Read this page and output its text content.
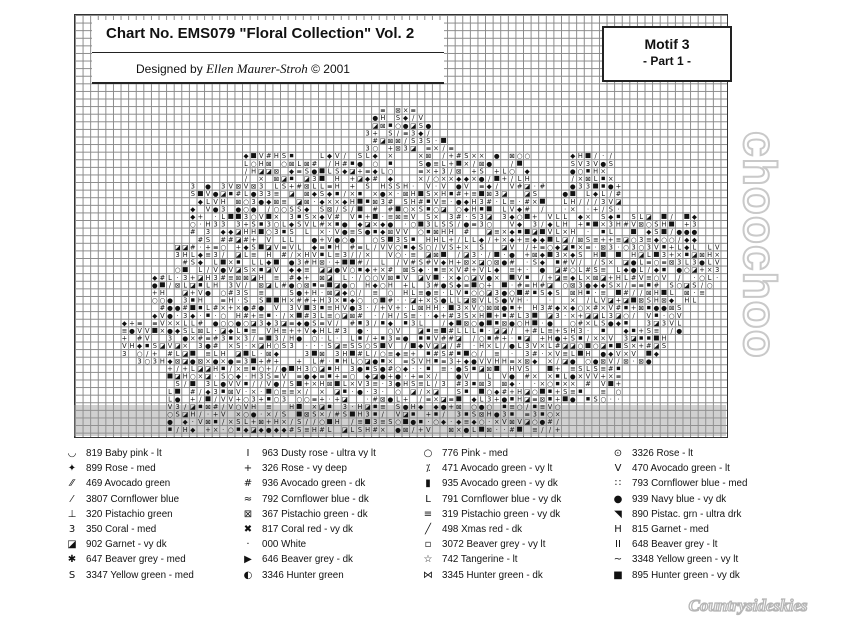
≡ ⊠ × ≡
● H S ◆ / V
◪ ⊠ ○ ● ◪ S ●
3 + S / ≡ 3 ◆ /
# ◪ ⊠ ⊠ / S 3 S ·
3 ○ + ⊠ 3 ◪ ≡ × / ≡
◆ V # H S	L ◆ V / S L ◆ ×	× ⊠ / + # S × × ● ⊠ ○ ○	◆ H / · /
L ○ H ⊠ ○ ⊠ L ⊠ # / H # ● ○	S ● ≡ L + × / ⊠ ●	/	S V 3 V ● S
/ H ◪ ◪ ⊠ ◆ ≡ S ● L S ◆ ◪ + ≡ ◆ L ○	≡ × + 3 / ⊠ + S + L ○ ◆	● ○ H ×
/ × ⊠ ◪	◪ 3	H + ◪ ◆ # ◆	× / ○ × × ◆ ◆ × ● / + / L H	/ × ⊠ L ×
3 ● 3 V ⊠ V ⊠ 3 L S + # ⊠ L L ≡ H + S H S S H · V · V ● V ≡ ◆ / V # ◪ · #	● 3 3	● +
S V ● ◪ # L ● 3 3 ≡ ◪ ⊠ ◆ S ◆ / ×	× ● × · ⊠ H S × H # + ≡ ⊠ 3 ◪	◪ S	●	L ◆ L / #
◆ L V H ⊠ ○ 3 ● ◆ ⊠ ≡ ◪ ⊠ · ◆ × × ◆ H	⊠ 3 # S H # V ≡ · ● ◆ H 3 # · L ≡ · # ×	L H / / / 3 V ◪
◆ V ● 3 ● ○ ● / ○ ○ S S ◆ S ⊠ / S /	# # ○ × S ○ ◪ ○ ◆ H	L V ◆ # /	· × · + / S ·
◆ + · L	3 ○ V × 3 S × ◆ V # V + · ≡ ⊠ ≡ V S × 3 # · S 3 ◪ 3 ◆ ○ + V L L ◆ × S ◆	S L ◪	/	◆
○ · H 3 3 3 + S 3 ○ L ◆ S V L # × ● ◆ ◪ × ◆ ● · ○ 3 L S S / ● ≡ 3 ○	V ◆ 3 / ◆ L H +	× 3 H # V ⊠ ○ S H	+ 3
# 3 ◆ ◆ ◪ H H ○ 3 S L × · V ● ≡ S ● ◆ ⊠ V V ○ ⊠ H H #	◪ ≡ × ◆	◪ V L × H ·	L	◆ S / ● ● ●
# S # # ◪ # + V L L	● + V ● ○ ●	○ S 3 S	H H L + / L L ◆ / + × ◆ + ≡ ◆ ◆ L ◪ / ⊠ S ≡ + + ≡ ◪ ○ 3 ≡ ◆ ○ ○ / ◆ ◆
◪ ◪ # · + ≡ ○ + ◆ S ◪ V ≡ V L ◆ ≡ H # ≡ L / V V ○ ◆ S ○ / V S + × S	◪ V / + ≡ ○ ◆ ◪ × ≡ · ⊠ 3 · ○ 3 ○ 3 V + L ◆ L L V
3 H L ◆ ≡ 3 / ◪ L ≡ H # / × H V L ≡ 3 / / ×	V ○ · ≡ ◪ ⊠	/ ◪ 3 · / · ● + ⊠ ◆ 3 × ◆ S H	H ◪ L 3 + × ◪ ⊠ H ×
# S ◆ L ×	L L ◆	● 3 # H ⊠ · +	# / L / V # S # V ◆ H + ⊠ × ◪ ○ ⊠ ● # · S ◆	# V / / S × ◪ ● L ≡ ○ ≡ ⊠ 3 L 3 ● L V
○	L / V ● V ◪ S × ◪ V ◆ ◆ ≡ ◪ ◪ ● V ○ ◆ + × # ⊠ S ◆ · ≡ × V # + V L ◆ ≡ + · ● ◪ # ○ L # S ≡ L ◆ ● L / ◆	● ○ ◪ + × 3
◆ # L · 3 + ◪ H 3 # ≡ ⊠ ⊠ ◪ H ≡ # ◆ + ⊠ ◪ L · / ○ ○ V ⊠ V ◪ V · × ◆ ○ ◪ V ● ×	V	/ + ◪ ≡ ◆ L × ⊠ ◪ + H L # V ≡ ○ V / · ○ L ·
● / ⊠ L ◪ L H 3 V / ⊠ ◪ L # ● ○ ⊠ ≡ ◪ ● ○ H ◆ ○ H + L 3 # ● S ◆ ≡ ○ +	· # ≡ H # ◪ ○ ⊠ 3 ● ◆ ◆ S × / ≡ ≡ # S ○ ◪ S / ○
+ H	◪ + V ● ○ # 3 S ≡	S ● + H · ⊠ ◪ ◆ ○ / ≡ ○ H L ≡ ● ≡ · L V ○ ○ ◪ 3 ● ○ # S ◆ S ⊠ H · ≡	# / / ⊠ H L ⊠ · ≡
○ ○ ● 3 H	≡ H · S S	H × # # + H 3 × ◆ ○ ○ # · · ◪ + × S ● L L ◪ ⊠ V L S ● V H ·	·	× / L V ◪ + ◪ ⊠ S H ⊠ ◆ H L
# ● ● #	L # × + × ● # ● V 3 V 3 ≡ H V ● 3 · / + V + · L ⊠ H H · 3 × V ○ ⊠ ⊠ ● + H 3 # ◆ × ◆ ○ × # × V # + ⊠ ● ● ⊠ S
◆ V ● · 3 ◆ · · ○ H # + ≡ · / × # 3 L ≡ ○ ◪ ⊠ # · / H / S ≡ · · ◆ + # 3 S × H + # L 3	◪ 3 · × + ◪ ◪ L 3 ◪ ○ / V · ○ V
◆ + ≡ ≡ V × × L L # ● ○ ○ ● ○ ◪ 3 ◆ 3 ◪ ≡ ◆ ● S ≡ V / # 3 / ◆	3 L	/ ◆ ⊠ ○ ●	⊠ ● ○ H · ●	○ # × L S ● ◆	3 ◪ 3 V L
≡ ● V V × ● ◆ S L ⊠ L · ◪ ◆ L ≡ V H ≡ + + V ◆ H L # 3 ● ·	○ V	◪ ≡ # L L L · ◪ ◪ / + # L ≡ + S H 3 ·	◆ + S ≡ / ●
+ # V	3 ● × # ≡ # 3 × 3 / ≡ 3 / H ● ○ · L · L / + 3 ≡ ●	V # # ◪ / ○ # + · ◪ + H ● + S / × × V 3 ◪	H
V H ◆ S ◪ V ◪ × 3 ● # × S · × ◪ H ○ S 3 · · · S ◪ ≡ S S ○ S V / ◆ V ◪ ◪ / # · H × L / ● L 3 V × L # ◪ ◪ ○ ○ ◪	S × + # ◪ S
3 ○ / + # L ◪	≡ L H ◪ L · ⊠ ◆	3 ⊠ 3 H # L / ○ ≡ ◆ ≡ +	# S #	○ / ≡ · 3 # · × V ≡ L H ● ◆ V × V	◆
3 ○ 3 H ◆ ⊠ ◪ ● ⊠ × ● × ● ≡ 3 + # +	+ L # · H L ○ ◪ ● × ≡ S V H ≡ 3 + ◆ ● V V H H ≡ × ⊠ ◆ × / ◪ ● ○ ● ⊠ V / ⊠ · ⊠ ●
+ / + L ◪ ◪ H / × ≡ ○ + / ● H 3 ○ ◪ H 3 ● S ● # ○ ◆ · ·	≡ · ● S ◪ ⊠	H V S	+ ≡ S L S ≡ #
◪ H ○ × ◪ · S ○ ◆ · H 3 S ≡ V ≡ ● ◆ ≡ + ≡ ○ ◆ ◪ ● + ● · + ≡ × /	● V	L V ● # × × L ● × V V + × ≡
S /	3 L ● V V / / V ● / S + × H ⊠ L × V 3 ≡ · 3 ● H S ≡ L / 3 # 3 ⊠ 3 ⊠ ◆ · · × ○ × × # V +
L	# / ◆ 3 ⊠ V · × · ○ ≡ ≡ × / × ◪ · ● · 3 · ○ ◪ / × ◪	S	○ ◆ # + H ◪ ○	+ S ≡	≡ ○
L ● + / / V V + ○ 3 + ○ 3 ○ ○ ≡ + · + ◪	· # ⊠ ● L + / ≡ × ◪ ≡	◆ L 3 + ● H ◪ ≡ ⊠ + ●	S ○ · ·
V 3 / ◪ ⊠ # / V ○ V H ≡	H	× ◪	3 · H ◪ ≡ S ● H ◆ ◆ ● + ⊠ ○ ● ○	≡ ○ / ≡ V ○
○ S ◪ H / · + V × ○ ● · × / S	⊠ S × / # S H 3 / V ◪	+ / 3 S ⊠ H ● 3	≡ 3 ○ ×
● ◆ · V ⊠ / × S L + ⊠ + H × / S / / ○ H / ≡ 3 ≡ S ○ ● · ○ ◆ · ◆ ≡ ◆ ○ · × V ⊠ V ◪ ○ ● # /
/ H ◆ + × · ○ ◆ ◪ ◆ ● ◆ ◆ # S ≡ H # L ◪ L S H # × ● ⊠ / + V	⊠ × ● L ⊠ · · #	≡ / / +
Chart No. EMS079 "Floral Collection" Vol. 2
Designed by Ellen Maurer-Stroh © 2001
Motif 3
- Part 1 -
choochoo
◡ 819 Baby pink - lt
✦ 899 Rose - med
⁄⁄ 469 Avocado green
⁄ 3807 Cornflower blue
⊥ 320 Pistachio green
3 350 Coral - med
◪ 902 Garnet - vy dk
✱ 647 Beaver grey - med
S 3347 Yellow green - med
I 963 Dusty rose - ultra vy lt
+ 326 Rose - vy deep
# 936 Avocado green - dk
≈ 792 Cornflower blue - dk
⊠ 367 Pistachio green - dk
✖ 817 Coral red - vy dk
· 000 White
▶ 646 Beaver grey - dk
◐ 3346 Hunter green
○ 776 Pink - med
⁒ 471 Avocado green - vy lt
▮ 935 Avocado green - vy dk
L 791 Cornflower blue - vy dk
≡ 319 Pistachio green - vy dk
╱ 498 Xmas red - dk
▫ 3072 Beaver grey - vy lt
☆ 742 Tangerine - lt
⋈ 3345 Hunter green - dk
⊙ 3326 Rose - lt
V 470 Avocado green - lt
∷ 793 Cornflower blue - med
● 939 Navy blue - vy dk
◥ 890 Pistac. grn - ultra drk
H 815 Garnet - med
II 648 Beaver grey - lt
~ 3348 Yellow green - vy lt
■ 895 Hunter green - vy dk
Countrysideskies
